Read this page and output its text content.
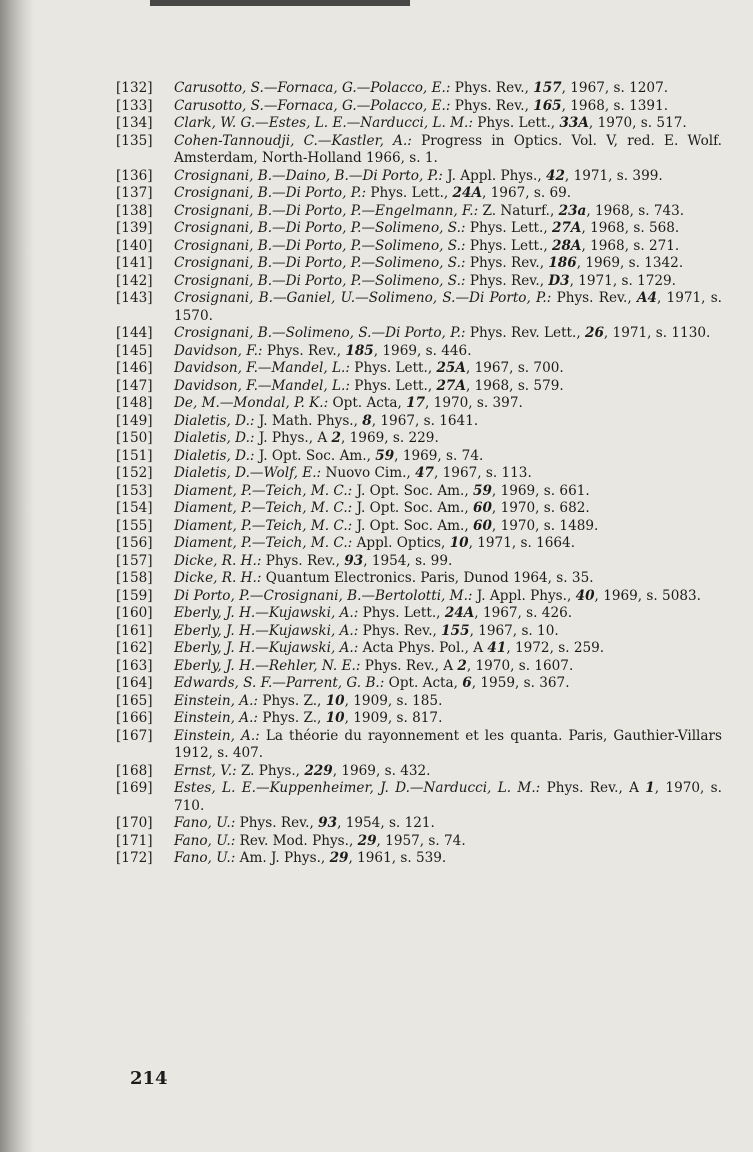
[132]	Carusotto, S.—Fornaca, G.—Polacco, E.: Phys. Rev., 157, 1967, s. 1207.
[133]	Carusotto, S.—Fornaca, G.—Polacco, E.: Phys. Rev., 165, 1968, s. 1391.
[134]	Clark, W. G.—Estes, L. E.—Narducci, L. M.: Phys. Lett., 33A, 1970, s. 517.
[135]	Cohen-Tannoudji, C.—Kastler, A.: Progress in Optics. Vol. V, red. E. Wolf. Amsterdam, North-Holland 1966, s. 1.
[136]	Crosignani, B.—Daino, B.—Di Porto, P.: J. Appl. Phys., 42, 1971, s. 399.
[137]	Crosignani, B.—Di Porto, P.: Phys. Lett., 24A, 1967, s. 69.
[138]	Crosignani, B.—Di Porto, P.—Engelmann, F.: Z. Naturf., 23a, 1968, s. 743.
[139]	Crosignani, B.—Di Porto, P.—Solimeno, S.: Phys. Lett., 27A, 1968, s. 568.
[140]	Crosignani, B.—Di Porto, P.—Solimeno, S.: Phys. Lett., 28A, 1968, s. 271.
[141]	Crosignani, B.—Di Porto, P.—Solimeno, S.: Phys. Rev., 186, 1969, s. 1342.
[142]	Crosignani, B.—Di Porto, P.—Solimeno, S.: Phys. Rev., D3, 1971, s. 1729.
[143]	Crosignani, B.—Ganiel, U.—Solimeno, S.—Di Porto, P.: Phys. Rev., A4, 1971, s. 1570.
[144]	Crosignani, B.—Solimeno, S.—Di Porto, P.: Phys. Rev. Lett., 26, 1971, s. 1130.
[145]	Davidson, F.: Phys. Rev., 185, 1969, s. 446.
[146]	Davidson, F.—Mandel, L.: Phys. Lett., 25A, 1967, s. 700.
[147]	Davidson, F.—Mandel, L.: Phys. Lett., 27A, 1968, s. 579.
[148]	De, M.—Mondal, P. K.: Opt. Acta, 17, 1970, s. 397.
[149]	Dialetis, D.: J. Math. Phys., 8, 1967, s. 1641.
[150]	Dialetis, D.: J. Phys., A 2, 1969, s. 229.
[151]	Dialetis, D.: J. Opt. Soc. Am., 59, 1969, s. 74.
[152]	Dialetis, D.—Wolf, E.: Nuovo Cim., 47, 1967, s. 113.
[153]	Diament, P.—Teich, M. C.: J. Opt. Soc. Am., 59, 1969, s. 661.
[154]	Diament, P.—Teich, M. C.: J. Opt. Soc. Am., 60, 1970, s. 682.
[155]	Diament, P.—Teich, M. C.: J. Opt. Soc. Am., 60, 1970, s. 1489.
[156]	Diament, P.—Teich, M. C.: Appl. Optics, 10, 1971, s. 1664.
[157]	Dicke, R. H.: Phys. Rev., 93, 1954, s. 99.
[158]	Dicke, R. H.: Quantum Electronics. Paris, Dunod 1964, s. 35.
[159]	Di Porto, P.—Crosignani, B.—Bertolotti, M.: J. Appl. Phys., 40, 1969, s. 5083.
[160]	Eberly, J. H.—Kujawski, A.: Phys. Lett., 24A, 1967, s. 426.
[161]	Eberly, J. H.—Kujawski, A.: Phys. Rev., 155, 1967, s. 10.
[162]	Eberly, J. H.—Kujawski, A.: Acta Phys. Pol., A 41, 1972, s. 259.
[163]	Eberly, J. H.—Rehler, N. E.: Phys. Rev., A 2, 1970, s. 1607.
[164]	Edwards, S. F.—Parrent, G. B.: Opt. Acta, 6, 1959, s. 367.
[165]	Einstein, A.: Phys. Z., 10, 1909, s. 185.
[166]	Einstein, A.: Phys. Z., 10, 1909, s. 817.
[167]	Einstein, A.: La théorie du rayonnement et les quanta. Paris, Gauthier-Villars 1912, s. 407.
[168]	Ernst, V.: Z. Phys., 229, 1969, s. 432.
[169]	Estes, L. E.—Kuppenheimer, J. D.—Narducci, L. M.: Phys. Rev., A 1, 1970, s. 710.
[170]	Fano, U.: Phys. Rev., 93, 1954, s. 121.
[171]	Fano, U.: Rev. Mod. Phys., 29, 1957, s. 74.
[172]	Fano, U.: Am. J. Phys., 29, 1961, s. 539.
214
